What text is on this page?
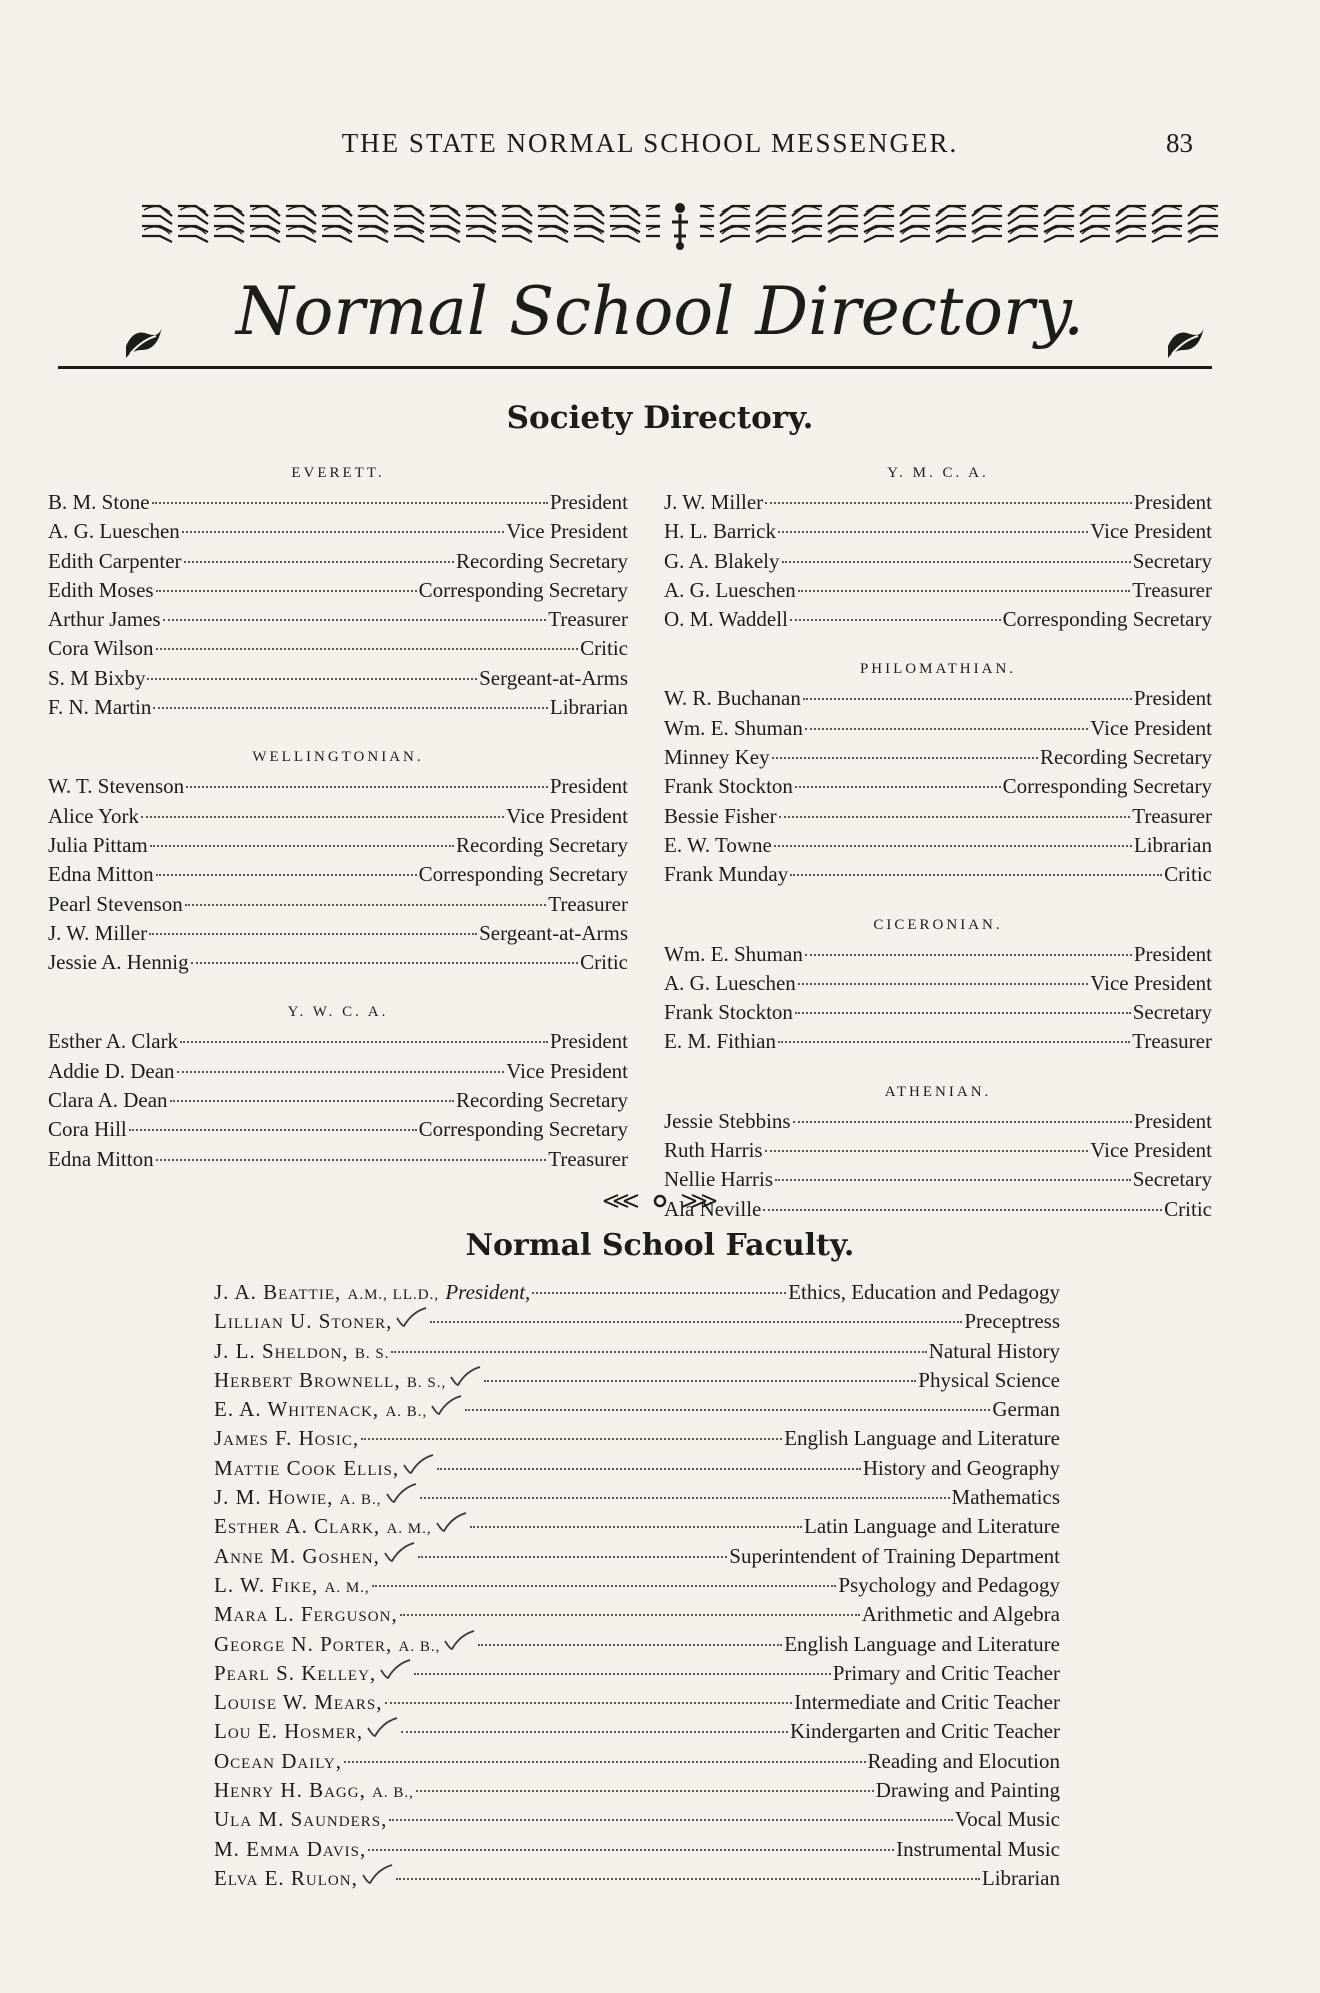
THE STATE NORMAL SCHOOL MESSENGER.	83
Normal School Directory.
Society Directory.
EVERETT.
B. M. Stone	President
A. G. Lueschen	Vice President
Edith Carpenter	Recording Secretary
Edith Moses	Corresponding Secretary
Arthur James	Treasurer
Cora Wilson	Critic
S. M Bixby	Sergeant-at-Arms
F. N. Martin	Librarian
WELLINGTONIAN.
W. T. Stevenson	President
Alice York	Vice President
Julia Pittam	Recording Secretary
Edna Mitton	Corresponding Secretary
Pearl Stevenson	Treasurer
J. W. Miller	Sergeant-at-Arms
Jessie A. Hennig	Critic
Y. W. C. A.
Esther A. Clark	President
Addie D. Dean	Vice President
Clara A. Dean	Recording Secretary
Cora Hill	Corresponding Secretary
Edna Mitton	Treasurer
Y. M. C. A.
J. W. Miller	President
H. L. Barrick	Vice President
G. A. Blakely	Secretary
A. G. Lueschen	Treasurer
O. M. Waddell	Corresponding Secretary
PHILOMATHIAN.
W. R. Buchanan	President
Wm. E. Shuman	Vice President
Minney Key	Recording Secretary
Frank Stockton	Corresponding Secretary
Bessie Fisher	Treasurer
E. W. Towne	Librarian
Frank Munday	Critic
CICERONIAN.
Wm. E. Shuman	President
A. G. Lueschen	Vice President
Frank Stockton	Secretary
E. M. Fithian	Treasurer
ATHENIAN.
Jessie Stebbins	President
Ruth Harris	Vice President
Nellie Harris	Secretary
Ala Neville	Critic
Normal School Faculty.
J. A. Beattie, A.M., LL.D., President,	Ethics, Education and Pedagogy
Lillian U. Stoner,	Preceptress
J. L. Sheldon, B. S.	Natural History
Herbert Brownell, B. S.,	Physical Science
E. A. Whitenack, A. B.,	German
James F. Hosic,	English Language and Literature
Mattie Cook Ellis,	History and Geography
J. M. Howie, A. B.,	Mathematics
Esther A. Clark, A. M.,	Latin Language and Literature
Anne M. Goshen,	Superintendent of Training Department
L. W. Fike, A. M.,	Psychology and Pedagogy
Mara L. Ferguson,	Arithmetic and Algebra
George N. Porter, A. B.,	English Language and Literature
Pearl S. Kelley,	Primary and Critic Teacher
Louise W. Mears,	Intermediate and Critic Teacher
Lou E. Hosmer,	Kindergarten and Critic Teacher
Ocean Daily,	Reading and Elocution
Henry H. Bagg, A. B.,	Drawing and Painting
Ula M. Saunders,	Vocal Music
M. Emma Davis,	Instrumental Music
Elva E. Rulon,	Librarian
